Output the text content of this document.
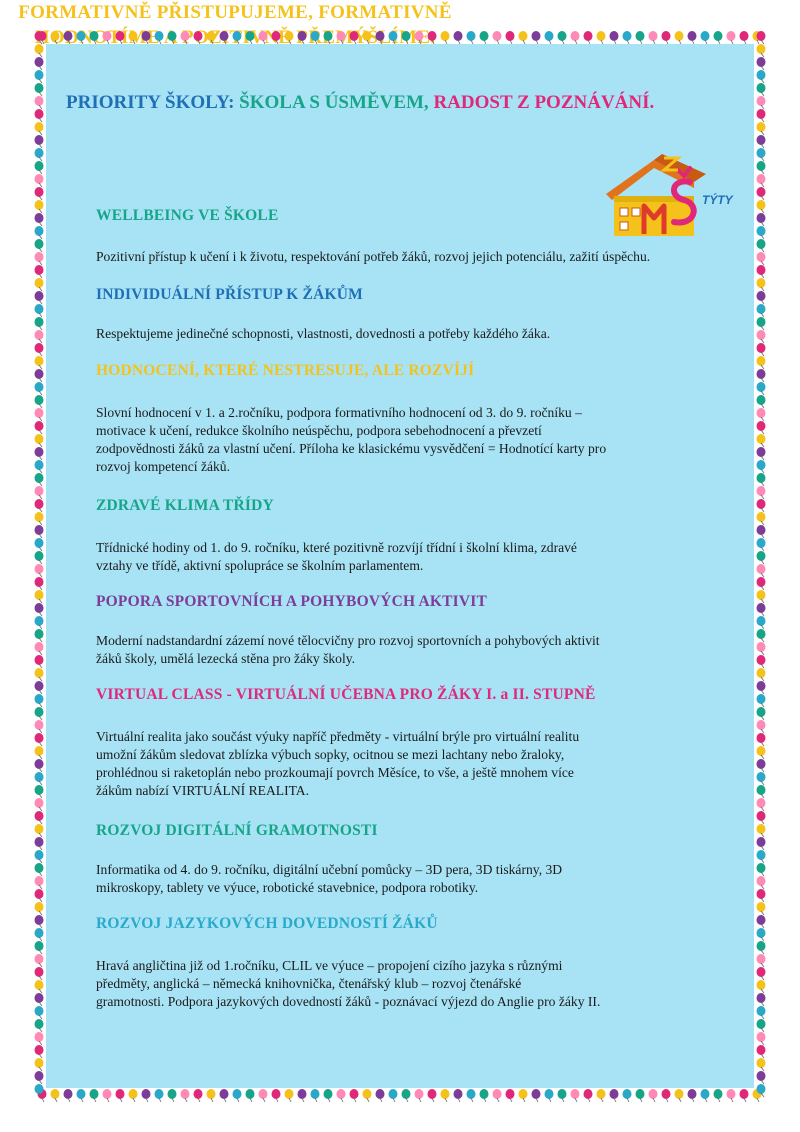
PRIORITY ŠKOLY: ŠKOLA S ÚSMĚVEM, RADOST Z POZNÁVÁNÍ.
FORMATIVNĚ PŘISTUPUJEME, FORMATIVNĚ
TÝTY
WELLBEING VE ŠKOLE
Pozitivní přístup k učení i k životu, respektování potřeb žáků, rozvoj jejich potenciálu, zažití úspěchu.
INDIVIDUÁLNÍ PŘÍSTUP K ŽÁKŮM
Respektujeme jedinečné schopnosti, vlastnosti, dovednosti a potřeby každého žáka.
HODNOCENÍ, KTERÉ NESTRESUJE, ALE ROZVÍJÍ
Slovní hodnocení v 1. a 2.ročníku, podpora formativního hodnocení od 3. do 9. ročníku –
motivace k učení, redukce školního neúspěchu, podpora sebehodnocení a převzetí
zodpovědnosti žáků za vlastní učení. Příloha ke klasickému vysvědčení = Hodnotící karty pro
rozvoj kompetencí žáků.
ZDRAVÉ KLIMA TŘÍDY
Třídnické hodiny od 1. do 9. ročníku, které pozitivně rozvíjí třídní i školní klima, zdravé
vztahy ve třídě, aktivní spolupráce se školním parlamentem.
POPORA SPORTOVNÍCH A POHYBOVÝCH AKTIVIT
Moderní nadstandardní zázemí nové tělocvičny pro rozvoj sportovních a pohybových aktivit
žáků školy, umělá lezecká stěna pro žáky školy.
VIRTUAL CLASS - VIRTUÁLNÍ UČEBNA PRO ŽÁKY I. a II. STUPNĚ
Virtuální realita jako součást výuky napříč předměty - virtuální brýle pro virtuální realitu
umožní žákům sledovat zblízka výbuch sopky, ocitnou se mezi lachtany nebo žraloky,
prohlédnou si raketoplán nebo prozkoumají povrch Měsíce, to vše, a ještě mnohem více
žákům nabízí VIRTUÁLNÍ REALITA.
ROZVOJ DIGITÁLNÍ GRAMOTNOSTI
Informatika od 4. do 9. ročníku, digitální učební pomůcky – 3D pera, 3D tiskárny, 3D
mikroskopy, tablety ve výuce, robotické stavebnice, podpora robotiky.
ROZVOJ JAZYKOVÝCH DOVEDNOSTÍ ŽÁKŮ
Hravá angličtina již od 1.ročníku, CLIL ve výuce – propojení cizího jazyka s různými
předměty, anglická – německá knihovnička, čtenářský klub – rozvoj čtenářské
gramotnosti. Podpora jazykových dovedností žáků - poznávací výjezd do Anglie pro žáky II.
